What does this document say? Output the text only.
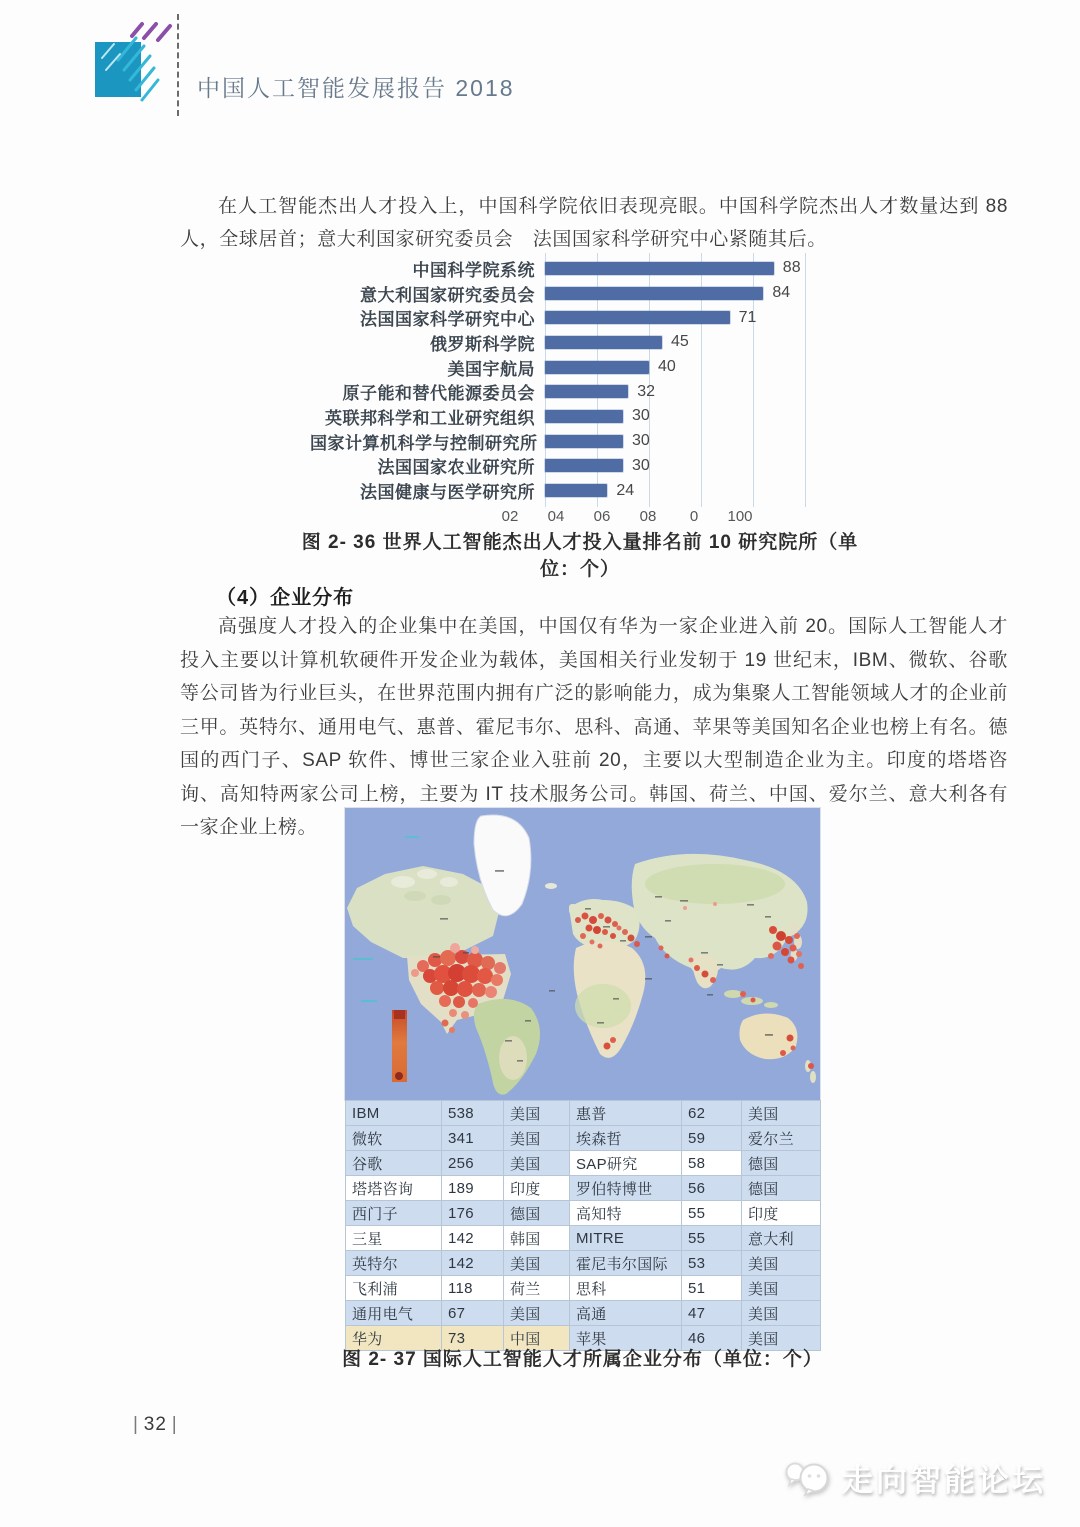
中国人工智能发展报告 2018

在人工智能杰出人才投入上，中国科学院依旧表现亮眼。中国科学院杰出人才数量达到 88 人，全球居首；意大利国家研究委员会　法国国家科学研究中心紧随其后。

中国科学院系统	88
意大利国家研究委员会	84
法国国家科学研究中心	71
俄罗斯科学院	45
美国宇航局	40
原子能和替代能源委员会	32
英联邦科学和工业研究组织	30
国家计算机科学与控制研究所	30
法国国家农业研究所	30
法国健康与医学研究所	24
02 04 06 08 0 100
图 2- 36 世界人工智能杰出人才投入量排名前 10 研究院所（单位：个）
（4）企业分布

高强度人才投入的企业集中在美国，中国仅有华为一家企业进入前 20。国际人工智能人才投入主要以计算机软硬件开发企业为载体，美国相关行业发轫于 19 世纪末，IBM、微软、谷歌等公司皆为行业巨头，在世界范围内拥有广泛的影响能力，成为集聚人工智能领域人才的企业前三甲。英特尔、通用电气、惠普、霍尼韦尔、思科、高通、苹果等美国知名企业也榜上有名。德国的西门子、SAP 软件、博世三家企业入驻前 20，主要以大型制造企业为主。印度的塔塔咨询、高知特两家公司上榜，主要为 IT 技术服务公司。韩国、荷兰、中国、爱尔兰、意大利各有一家企业上榜。

IBM	538	美国	惠普	62	美国
微软	341	美国	埃森哲	59	爱尔兰
谷歌	256	美国	SAP研究	58	德国
塔塔咨询	189	印度	罗伯特博世	56	德国
西门子	176	德国	高知特	55	印度
三星	142	韩国	MITRE	55	意大利
英特尔	142	美国	霍尼韦尔国际	53	美国
飞利浦	118	荷兰	思科	51	美国
通用电气	67	美国	高通	47	美国
华为	73	中国	苹果	46	美国
图 2- 37 国际人工智能人才所属企业分布（单位：个）
|  32  |
走向智能论坛
